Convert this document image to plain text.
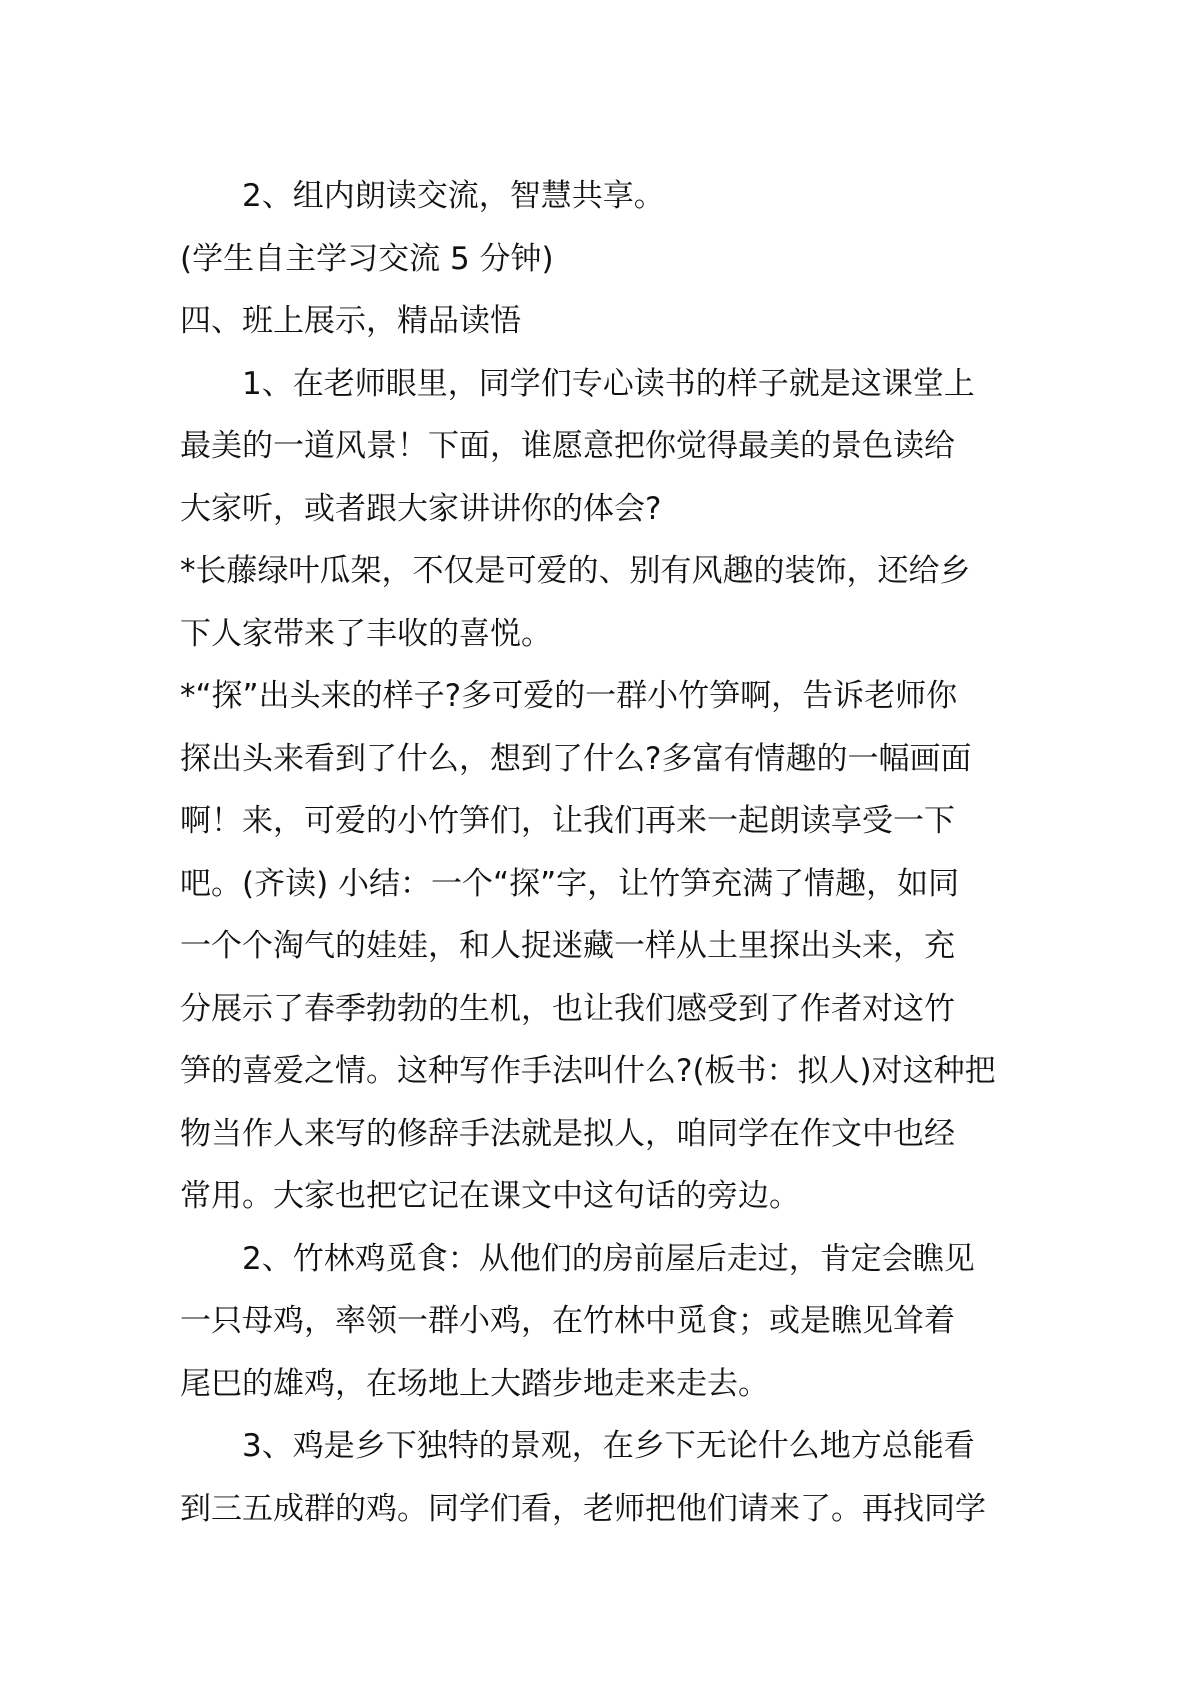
2、组内朗读交流，智慧共享。
(学生自主学习交流 5 分钟)
四、班上展示，精品读悟
1、在老师眼里，同学们专心读书的样子就是这课堂上
最美的一道风景！下面，谁愿意把你觉得最美的景色读给
大家听，或者跟大家讲讲你的体会?
*长藤绿叶瓜架，不仅是可爱的、别有风趣的装饰，还给乡
下人家带来了丰收的喜悦。
*“探”出头来的样子?多可爱的一群小竹笋啊，告诉老师你
探出头来看到了什么，想到了什么?多富有情趣的一幅画面
啊！来，可爱的小竹笋们，让我们再来一起朗读享受一下
吧。(齐读) 小结：一个“探”字，让竹笋充满了情趣，如同
一个个淘气的娃娃，和人捉迷藏一样从土里探出头来，充
分展示了春季勃勃的生机，也让我们感受到了作者对这竹
笋的喜爱之情。这种写作手法叫什么?(板书：拟人)对这种把
物当作人来写的修辞手法就是拟人，咱同学在作文中也经
常用。大家也把它记在课文中这句话的旁边。
2、竹林鸡觅食：从他们的房前屋后走过，肯定会瞧见
一只母鸡，率领一群小鸡，在竹林中觅食；或是瞧见耸着
尾巴的雄鸡，在场地上大踏步地走来走去。
3、鸡是乡下独特的景观，在乡下无论什么地方总能看
到三五成群的鸡。同学们看，老师把他们请来了。再找同学
